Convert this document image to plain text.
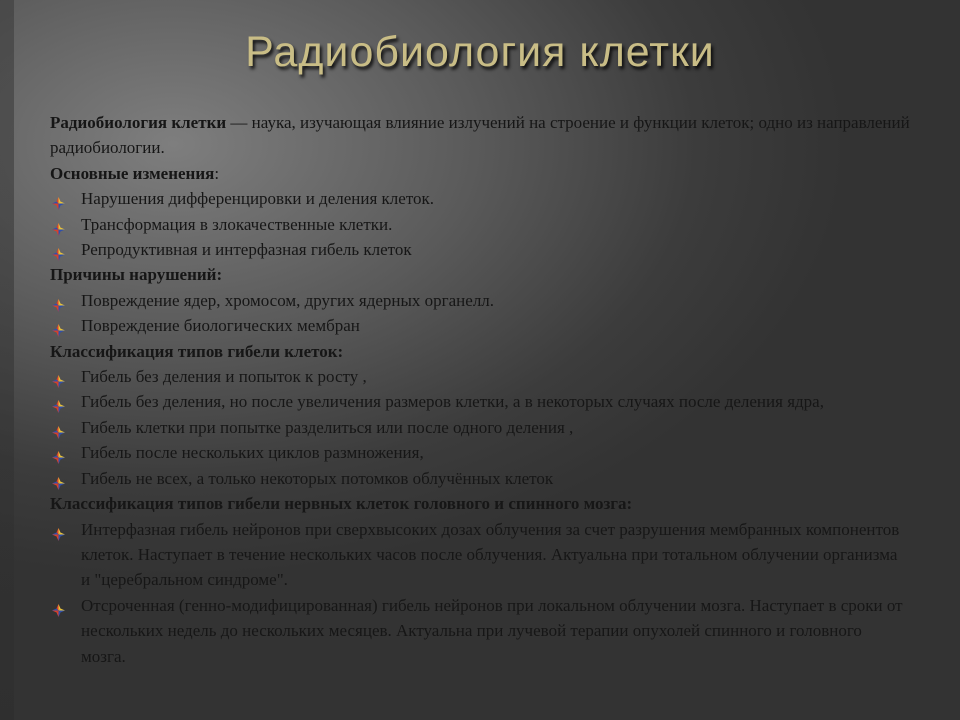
Радиобиология клетки
Радиобиология клетки — наука, изучающая влияние излучений на строение и функции клеток; одно из направлений радиобиологии.
Основные изменения:
Нарушения дифференцировки и деления клеток.
Трансформация в злокачественные клетки.
Репродуктивная и интерфазная гибель клеток
Причины нарушений:
Повреждение ядер, хромосом, других ядерных органелл.
Повреждение биологических мембран
Классификация типов гибели клеток:
Гибель без деления и попыток к росту ,
Гибель без деления, но после увеличения размеров клетки, а в некоторых случаях после деления ядра,
Гибель клетки при попытке разделиться или после одного деления ,
Гибель после нескольких циклов размножения,
Гибель не всех, а только некоторых потомков облучённых клеток
Классификация типов гибели нервных клеток головного и спинного мозга:
Интерфазная гибель нейронов при сверхвысоких дозах облучения за счет разрушения мембранных компонентов клеток. Наступает в течение нескольких часов после облучения. Актуальна при тотальном облучении организма и "церебральном синдроме".
Отсроченная (генно-модифицированная) гибель нейронов при локальном облучении мозга. Наступает в сроки от нескольких недель до нескольких месяцев. Актуальна при лучевой терапии опухолей спинного и головного мозга.
